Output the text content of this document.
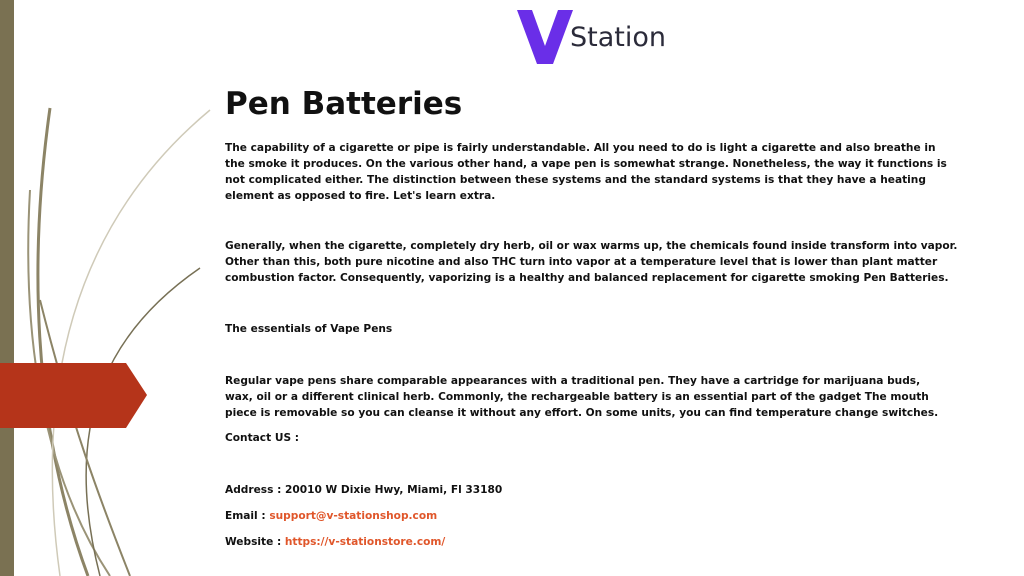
Station
Pen Batteries

The capability of a cigarette or pipe is fairly understandable. All you need to do is light a cigarette and also breathe in the smoke it produces. On the various other hand, a vape pen is somewhat strange. Nonetheless, the way it functions is not complicated either. The distinction between these systems and the standard systems is that they have a heating element as opposed to fire. Let's learn extra.

Generally, when the cigarette, completely dry herb, oil or wax warms up, the chemicals found inside transform into vapor. Other than this, both pure nicotine and also THC turn into vapor at a temperature level that is lower than plant matter combustion factor. Consequently, vaporizing is a healthy and balanced replacement for cigarette smoking Pen Batteries.

The essentials of Vape Pens

Regular vape pens share comparable appearances with a traditional pen. They have a cartridge for marijuana buds, wax, oil or a different clinical herb. Commonly, the rechargeable battery is an essential part of the gadget The mouth piece is removable so you can cleanse it without any effort. On some units, you can find temperature change switches.

Contact US :

Address : 20010 W Dixie Hwy, Miami, Fl 33180

Email : support@v-stationshop.com

Website : https://v-stationstore.com/
